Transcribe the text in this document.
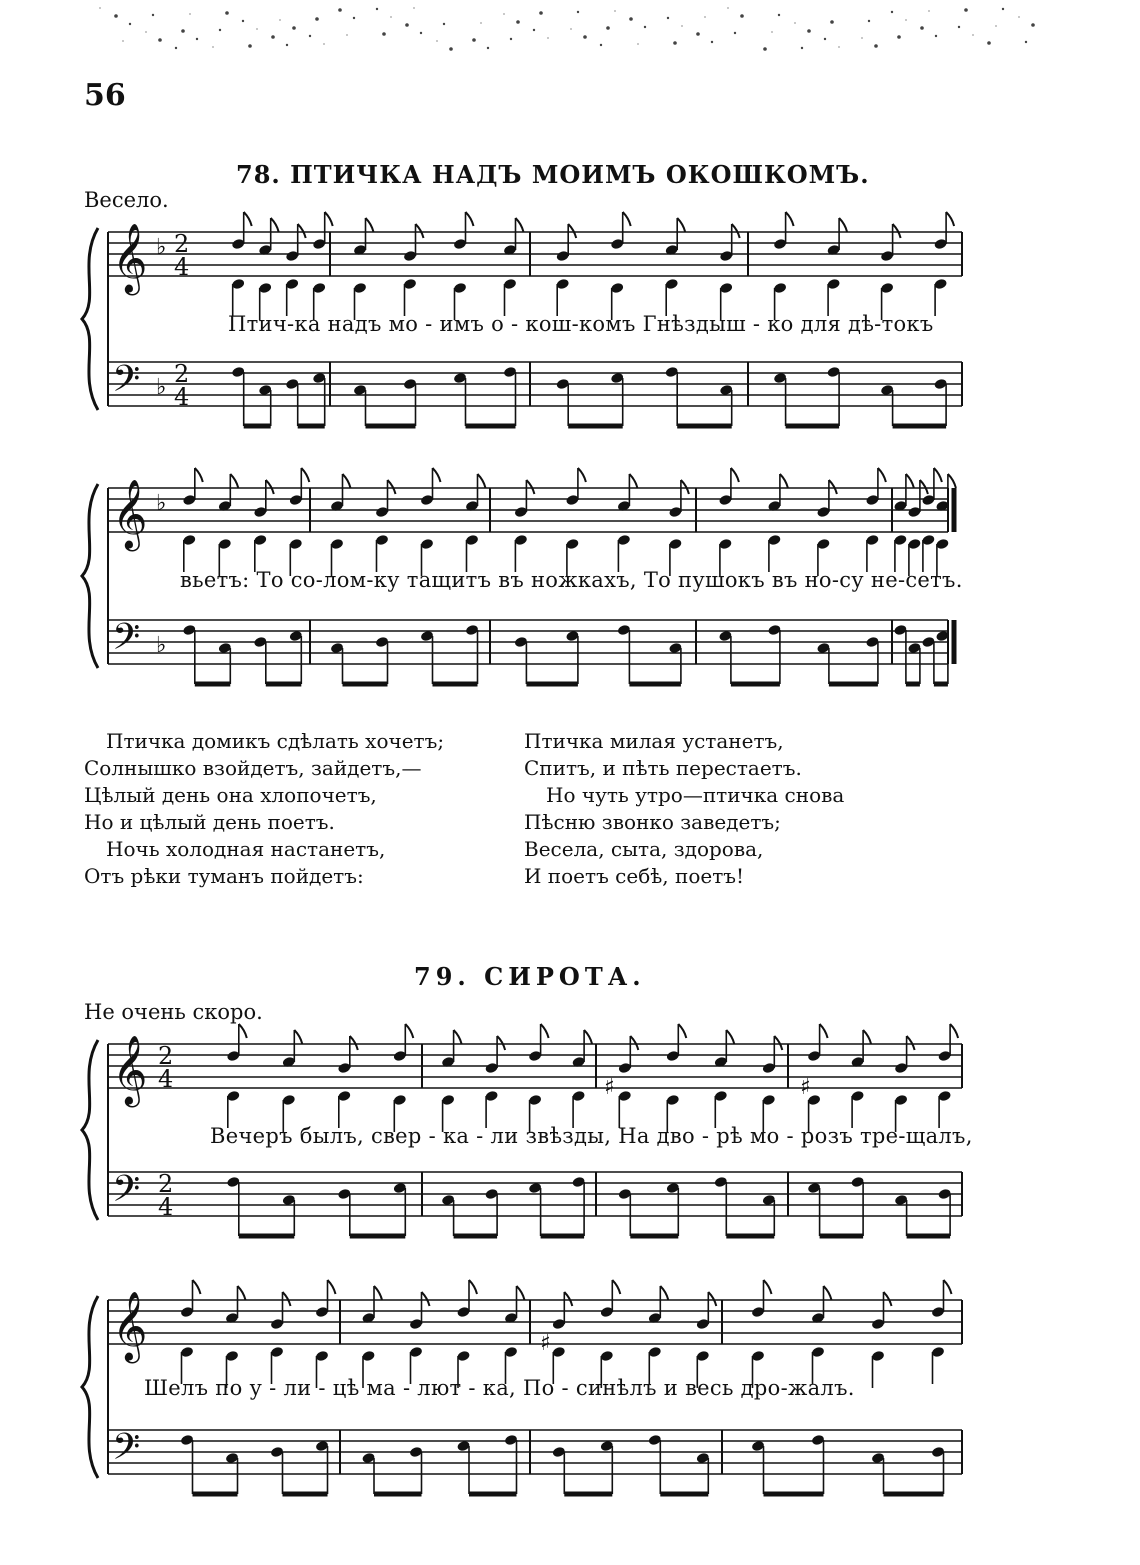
56
78. ПТИЧКА НАДЪ МОИМЪ ОКОШКОМЪ.
Весело.
Птич-ка надъ мо - имъ о - кош-комъ Гнѣздыш - ко для дѣ-токъ
вьетъ: То со-лом-ку тащитъ въ ножкахъ, То пушокъ въ но-су не-сетъ.
Птичка домикъ сдѣлать хочетъ;
Солнышко взойдетъ, зайдетъ,—
Цѣлый день она хлопочетъ,
Но и цѣлый день поетъ.
Ночь холодная настанетъ,
Отъ рѣки туманъ пойдетъ:
Птичка милая устанетъ,
Спитъ, и пѣть перестаетъ.
Но чуть утро—птичка снова
Пѣсню звонко заведетъ;
Весела, сыта, здорова,
И поетъ себѣ, поетъ!
79. СИРОТА.
Не очень скоро.
Вечеръ былъ, свер - ка - ли звѣзды, На дво - рѣ мо - розъ тре-щалъ,
Шелъ по у - ли - цѣ ма - лют - ка, По - синѣлъ и весь дро-жалъ.
𝄞
𝄢
♭
♭
2
4
2
4
𝄞
𝄢
♭
♭
𝄞
𝄢
2
4
2
4
𝄞
𝄢
♯	♯
♯
